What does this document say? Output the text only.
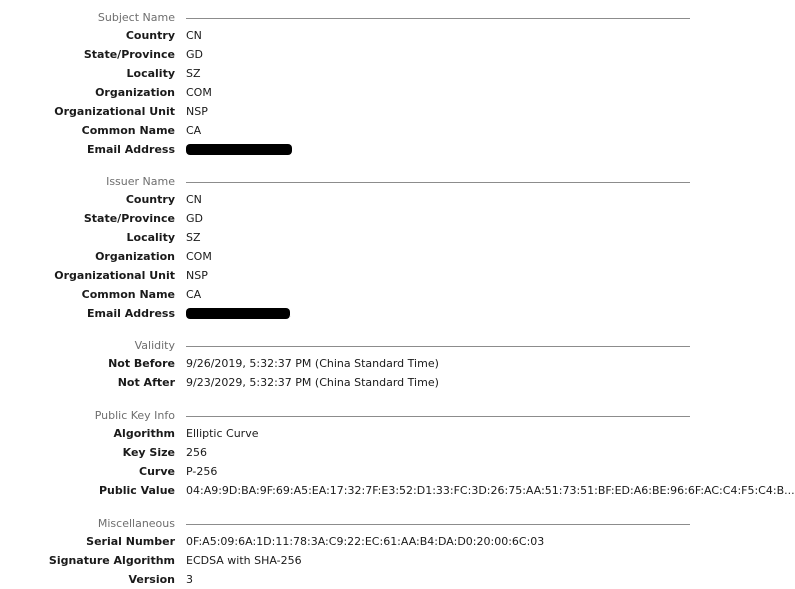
Subject Name
Country CN
State/Province GD
Locality SZ
Organization COM
Organizational Unit NSP
Common Name CA
Email Address
Issuer Name
Country CN
State/Province GD
Locality SZ
Organization COM
Organizational Unit NSP
Common Name CA
Email Address	.
Validity
Not Before 9/26/2019, 5:32:37 PM (China Standard Time)
Not After 9/23/2029, 5:32:37 PM (China Standard Time)
Public Key Info
Algorithm Elliptic Curve
Key Size 256
Curve P-256
Public Value 04:A9:9D:BA:9F:69:A5:EA:17:32:7F:E3:52:D1:33:FC:3D:26:75:AA:51:73:51:BF:ED:A6:BE:96:6F:AC:C4:F5:C4:B...
Miscellaneous
Serial Number 0F:A5:09:6A:1D:11:78:3A:C9:22:EC:61:AA:B4:DA:D0:20:00:6C:03
Signature Algorithm ECDSA with SHA-256
Version 3
